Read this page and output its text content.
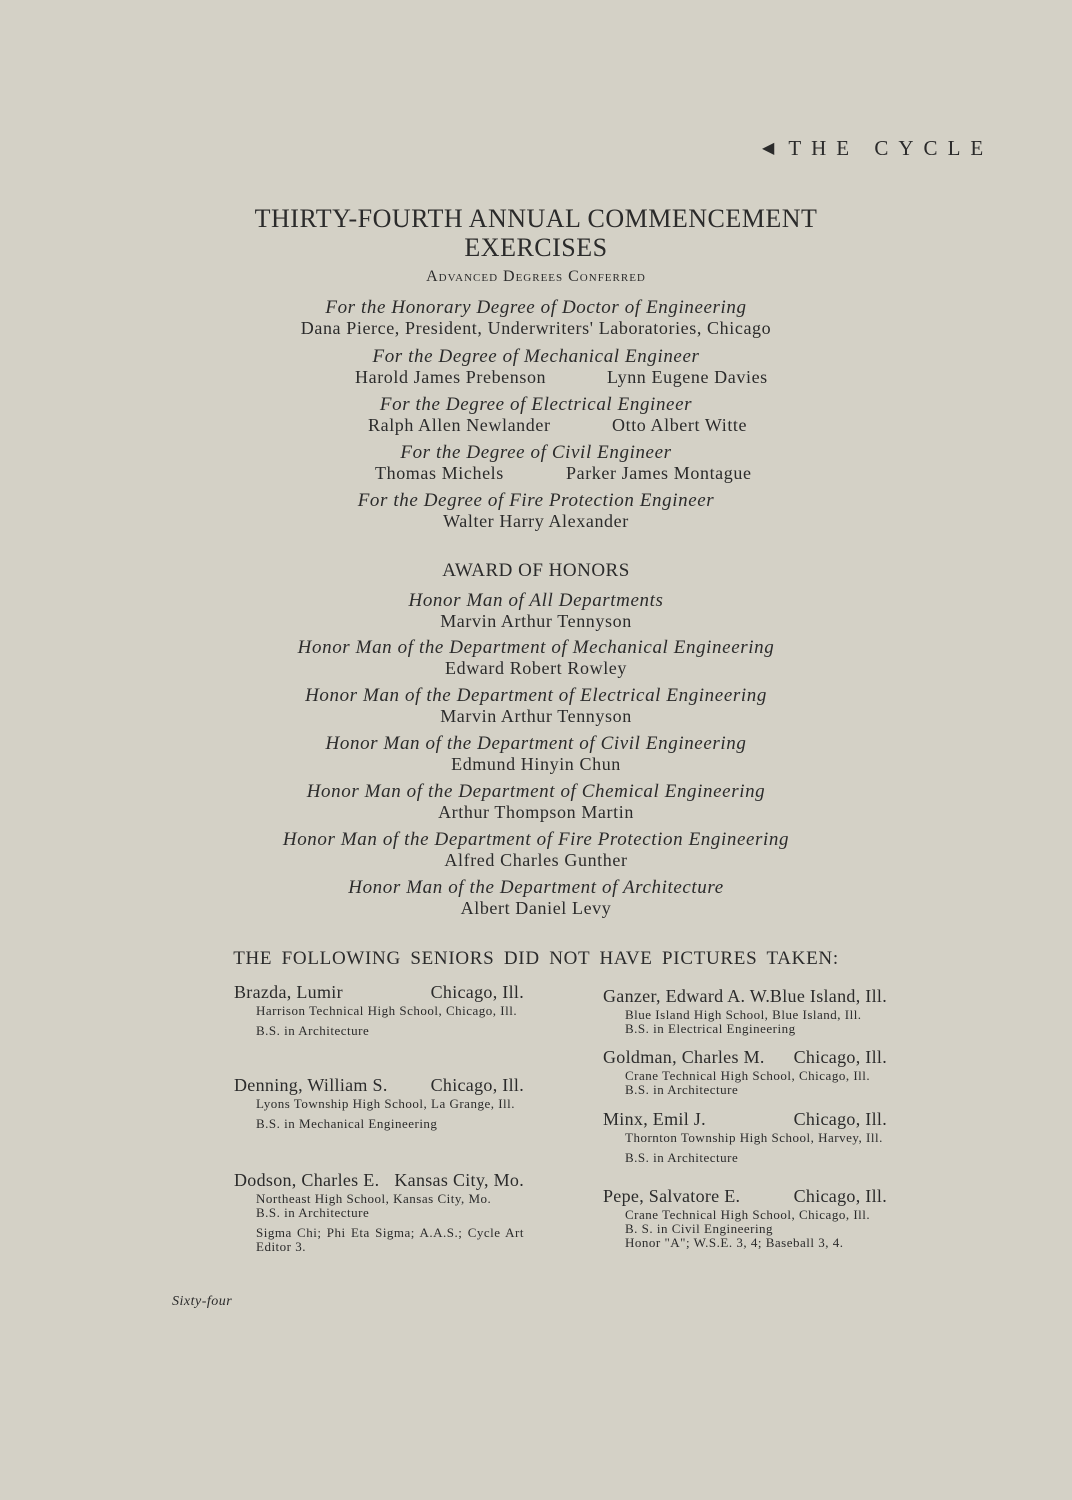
◀ THE CYCLE
THIRTY-FOURTH ANNUAL COMMENCEMENT
EXERCISES
Advanced Degrees Conferred
For the Honorary Degree of Doctor of Engineering
Dana Pierce, President, Underwriters' Laboratories, Chicago
For the Degree of Mechanical Engineer
Harold James Prebenson	Lynn Eugene Davies
For the Degree of Electrical Engineer
Ralph Allen Newlander	Otto Albert Witte
For the Degree of Civil Engineer
Thomas Michels	Parker James Montague
For the Degree of Fire Protection Engineer
Walter Harry Alexander
AWARD OF HONORS
Honor Man of All Departments
Marvin Arthur Tennyson
Honor Man of the Department of Mechanical Engineering
Edward Robert Rowley
Honor Man of the Department of Electrical Engineering
Marvin Arthur Tennyson
Honor Man of the Department of Civil Engineering
Edmund Hinyin Chun
Honor Man of the Department of Chemical Engineering
Arthur Thompson Martin
Honor Man of the Department of Fire Protection Engineering
Alfred Charles Gunther
Honor Man of the Department of Architecture
Albert Daniel Levy
THE FOLLOWING SENIORS DID NOT HAVE PICTURES TAKEN:
Brazda, Lumir	Chicago, Ill.
Harrison Technical High School, Chicago, Ill.
B.S. in Architecture
Denning, William S. Chicago, Ill.
Lyons Township High School, La Grange, Ill.
B.S. in Mechanical Engineering
Dodson, Charles E. Kansas City, Mo.
Northeast High School, Kansas City, Mo.
B.S. in Architecture
Sigma Chi; Phi Eta Sigma; A.A.S.; Cycle Art Editor 3.
Ganzer, Edward A. W. Blue Island, Ill.
Blue Island High School, Blue Island, Ill.
B.S. in Electrical Engineering
Goldman, Charles M. Chicago, Ill.
Crane Technical High School, Chicago, Ill.
B.S. in Architecture
Minx, Emil J.	Chicago, Ill.
Thornton Township High School, Harvey, Ill.
B.S. in Architecture
Pepe, Salvatore E.	Chicago, Ill.
Crane Technical High School, Chicago, Ill.
B. S. in Civil Engineering
Honor "A"; W.S.E. 3, 4; Baseball 3, 4.
Sixty-four
